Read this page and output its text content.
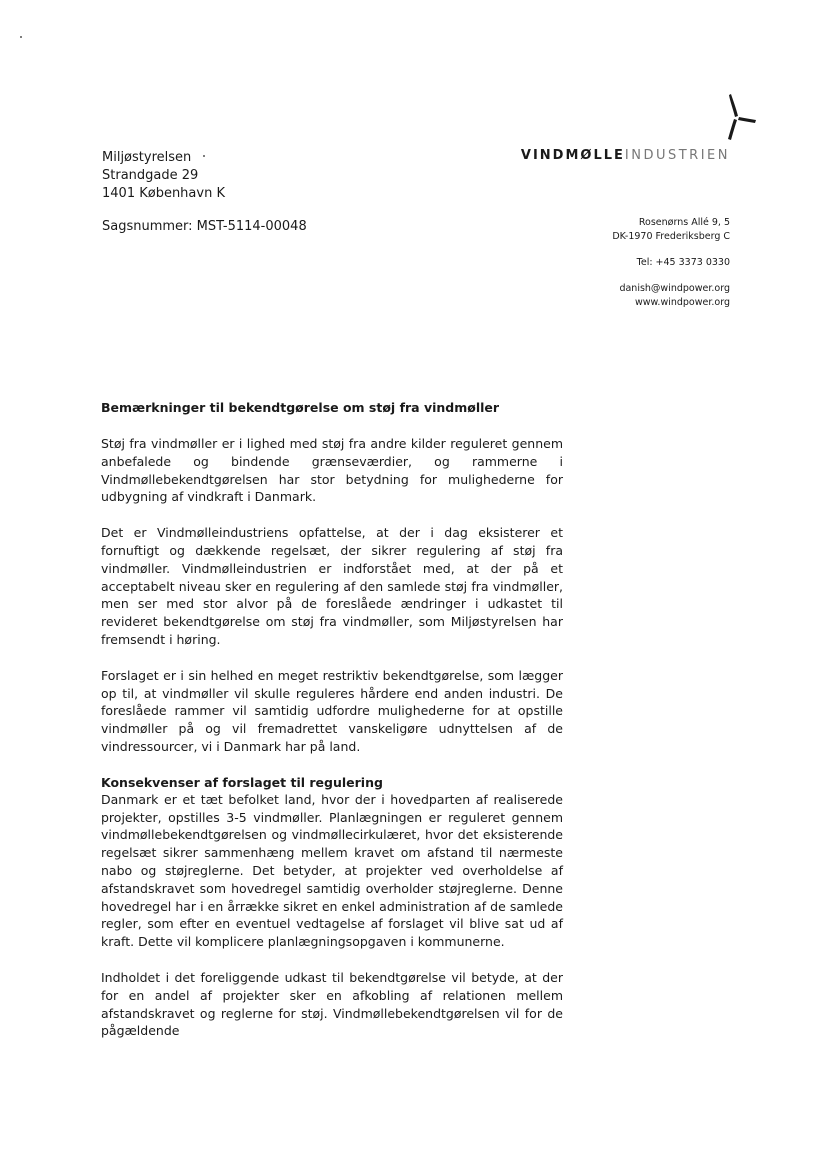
Miljøstyrelsen
Strandgade 29
1401 København K
Sagsnummer: MST-5114-00048
VINDMØLLEINDUSTRIEN
Rosenørns Allé 9, 5
DK-1970 Frederiksberg C
Tel: +45 3373 0330
danish@windpower.org
www.windpower.org
Bemærkninger til bekendtgørelse om støj fra vindmøller

Støj fra vindmøller er i lighed med støj fra andre kilder reguleret gennem anbefalede og bindende grænseværdier, og rammerne i Vindmøllebekendtgørelsen har stor betydning for mulighederne for udbygning af vindkraft i Danmark.

Det er Vindmølleindustriens opfattelse, at der i dag eksisterer et fornuftigt og dækkende regelsæt, der sikrer regulering af støj fra vindmøller. Vindmølleindustrien er indforstået med, at der på et acceptabelt niveau sker en regulering af den samlede støj fra vindmøller, men ser med stor alvor på de foreslåede ændringer i udkastet til revideret bekendtgørelse om støj fra vindmøller, som Miljøstyrelsen har fremsendt i høring.

Forslaget er i sin helhed en meget restriktiv bekendtgørelse, som lægger op til, at vindmøller vil skulle reguleres hårdere end anden industri. De foreslåede rammer vil samtidig udfordre mulighederne for at opstille vindmøller på og vil fremadrettet vanskeligøre udnyttelsen af de vindressourcer, vi i Danmark har på land.

Konsekvenser af forslaget til regulering

Danmark er et tæt befolket land, hvor der i hovedparten af realiserede projekter, opstilles 3-5 vindmøller. Planlægningen er reguleret gennem vindmøllebekendtgørelsen og vindmøllecirkulæret, hvor det eksisterende regelsæt sikrer sammenhæng mellem kravet om afstand til nærmeste nabo og støjreglerne. Det betyder, at projekter ved overholdelse af afstandskravet som hovedregel samtidig overholder støjreglerne. Denne hovedregel har i en årrække sikret en enkel administration af de samlede regler, som efter en eventuel vedtagelse af forslaget vil blive sat ud af kraft. Dette vil komplicere planlægningsopgaven i kommunerne.

Indholdet i det foreliggende udkast til bekendtgørelse vil betyde, at der for en andel af projekter sker en afkobling af relationen mellem afstandskravet og reglerne for støj. Vindmøllebekendtgørelsen vil for de pågældende
